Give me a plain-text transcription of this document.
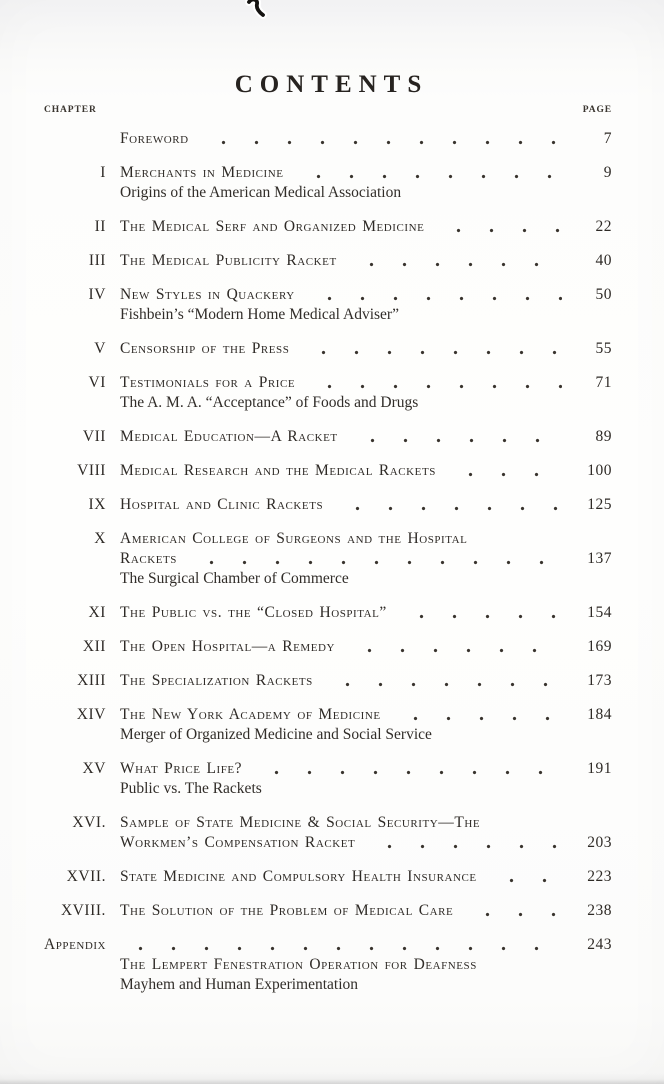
CONTENTS
CHAPTER	PAGE
Foreword	7
I Merchants in Medicine	9
Origins of the American Medical Association
II The Medical Serf and Organized Medicine	22
III The Medical Publicity Racket	40
IV New Styles in Quackery	50
Fishbein’s “Modern Home Medical Adviser”
V Censorship of the Press	55
VI Testimonials for a Price	71
The A. M. A. “Acceptance” of Foods and Drugs
VII Medical Education—A Racket	89
VIII Medical Research and the Medical Rackets	100
IX Hospital and Clinic Rackets	125
X American College of Surgeons and the Hospital
Rackets	137
The Surgical Chamber of Commerce
XI The Public vs. the “Closed Hospital”	154
XII The Open Hospital—a Remedy	169
XIII The Specialization Rackets	173
XIV The New York Academy of Medicine	184
Merger of Organized Medicine and Social Service
XV What Price Life?	191
Public vs. The Rackets
XVI. Sample of State Medicine & Social Security—The
Workmen’s Compensation Racket	203
XVII. State Medicine and Compulsory Health Insurance	223
XVIII. The Solution of the Problem of Medical Care	238
Appendix	243
The Lempert Fenestration Operation for Deafness
Mayhem and Human Experimentation
